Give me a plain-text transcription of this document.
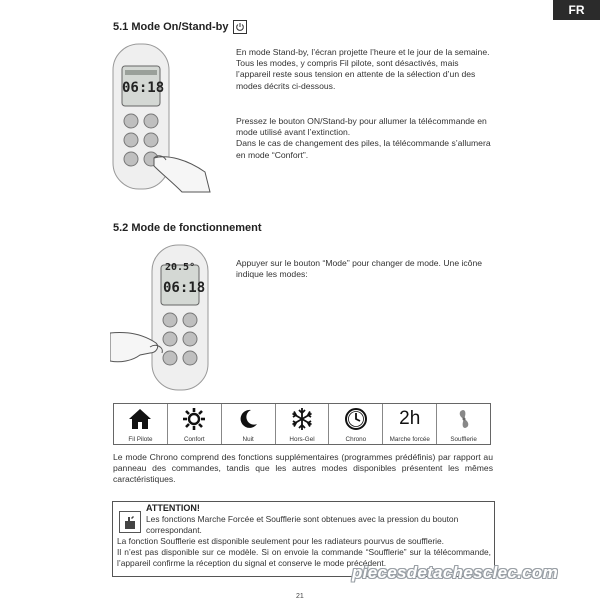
FR
5.1 Mode On/Stand-by
06:18

En mode Stand-by, l’écran projette l’heure et le jour de la semaine.

Tous les modes, y compris Fil pilote, sont désactivés, mais l’appareil reste sous tension en attente de la sélection d’un des modes décrits ci-dessous.

Pressez le bouton ON/Stand-by pour allumer la télécommande en mode utilisé avant l’extinction.

Dans le cas de changement des piles, la télécommande s’allumera en mode “Confort”.

5.2 Mode de fonctionnement
20.5°
06:18

Appuyer sur le bouton “Mode” pour changer de mode. Une icône indique les modes:

Fil Pilote	Confort	Nuit	Hors-Gel	Chrono
2h
Marche forcée	Soufflerie
Le mode Chrono comprend des fonctions supplémentaires (programmes prédéfinis) par rapport au panneau des commandes, tandis que les autres modes disponibles présentent les mêmes caractéristiques.
ATTENTION!
Les fonctions Marche Forcée et Soufflerie sont obtenues avec la pression du bouton correspondant.

La fonction Soufflerie est disponible seulement pour les radiateurs pourvus de soufflerie.

Il n’est pas disponible sur ce modèle. Si on envoie la commande “Soufflerie” sur la télécommande, l’appareil confirme la réception du signal et conserve le mode précédent.

piecesdetachesclec.com
21
